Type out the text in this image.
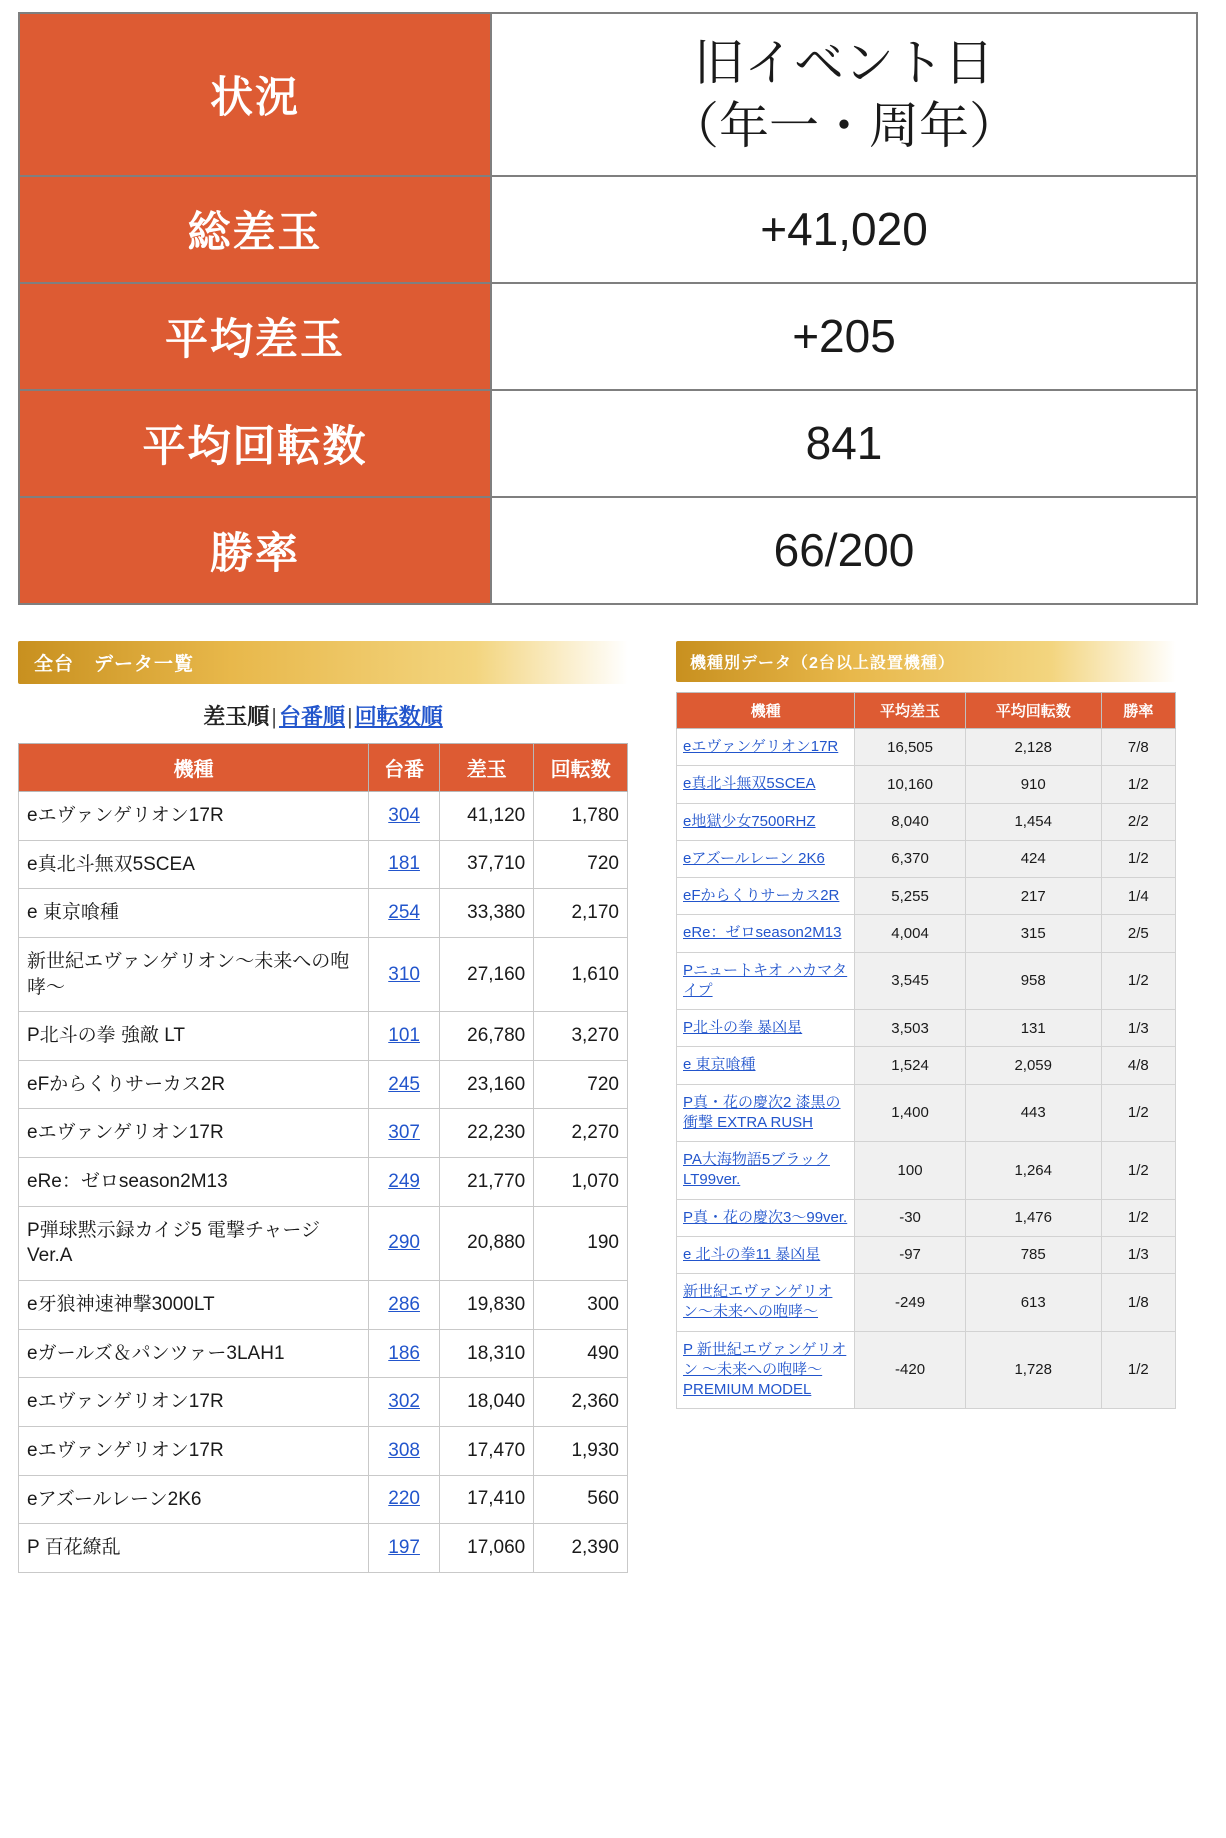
状況	旧イベント日
（年一・周年）

総差玉	+41,020
平均差玉	+205
平均回転数	841
勝率	66/200
全台　データ一覧
差玉順|台番順|回転数順
機種	台番	差玉	回転数
eエヴァンゲリオン17R	304	41,120	1,780
e真北斗無双5SCEA	181	37,710	720
e 東京喰種	254	33,380	2,170
新世紀エヴァンゲリオン〜未来への咆哮〜	310	27,160	1,610
P北斗の拳 強敵 LT	101	26,780	3,270
eFからくりサーカス2R	245	23,160	720
eエヴァンゲリオン17R	307	22,230	2,270
eRe：ゼロseason2M13	249	21,770	1,070
P弾球黙示録カイジ5 電撃チャージVer.A	290	20,880	190
e牙狼神速神撃3000LT	286	19,830	300
eガールズ＆パンツァー3LAH1	186	18,310	490
eエヴァンゲリオン17R	302	18,040	2,360
eエヴァンゲリオン17R	308	17,470	1,930
eアズールレーン2K6	220	17,410	560
P 百花繚乱	197	17,060	2,390
機種別データ（2台以上設置機種）
機種	平均差玉	平均回転数	勝率
eエヴァンゲリオン17R	16,505	2,128	7/8
e真北斗無双5SCEA	10,160	910	1/2
e地獄少女7500RHZ	8,040	1,454	2/2
eアズールレーン 2K6	6,370	424	1/2
eFからくりサーカス2R	5,255	217	1/4
eRe：ゼロseason2M13	4,004	315	2/5
Pニュートキオ ハカマタイプ	3,545	958	1/2
P北斗の拳 暴凶星	3,503	131	1/3
e 東京喰種	1,524	2,059	4/8
P真・花の慶次2 漆黒の衝撃 EXTRA RUSH	1,400	443	1/2
PA大海物語5ブラックLT99ver.	100	1,264	1/2
P真・花の慶次3〜99ver.	-30	1,476	1/2
e 北斗の拳11 暴凶星	-97	785	1/3
新世紀エヴァンゲリオン〜未来への咆哮〜	-249	613	1/8
P 新世紀エヴァンゲリオン 〜未来への咆哮〜 PREMIUM MODEL	-420	1,728	1/2
